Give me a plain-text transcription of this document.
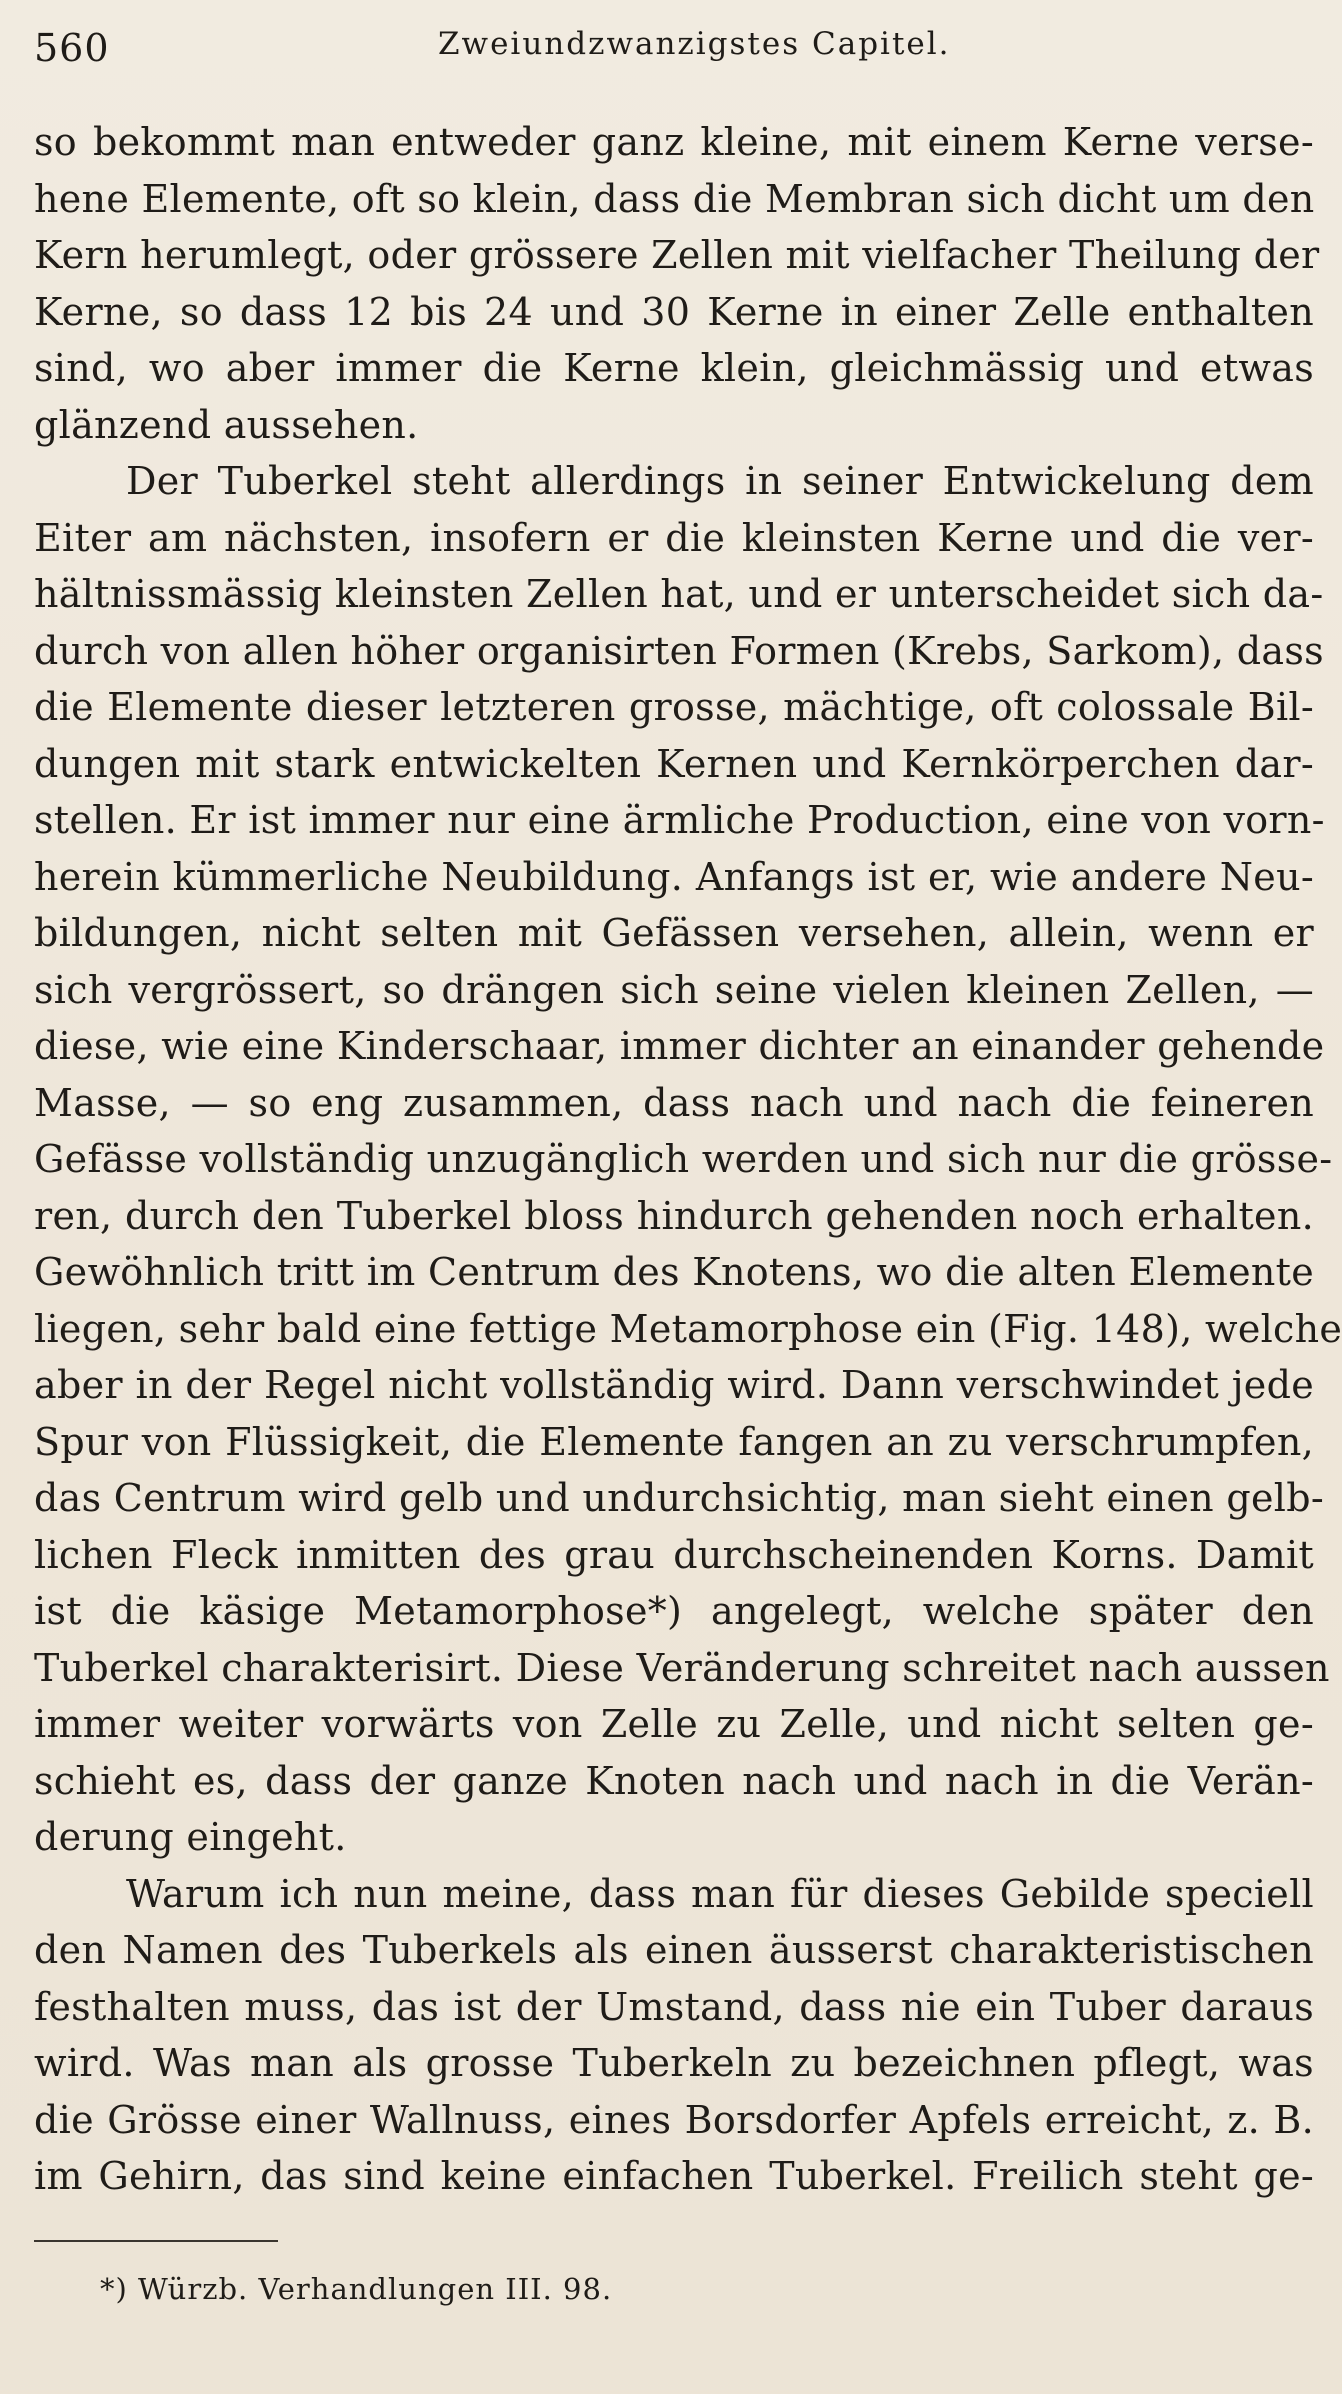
560	Zweiundzwanzigstes Capitel.
so bekommt man entweder ganz kleine, mit einem Kerne verse-
hene Elemente, oft so klein, dass die Membran sich dicht um den
Kern herumlegt, oder grössere Zellen mit vielfacher Theilung der
Kerne, so dass 12 bis 24 und 30 Kerne in einer Zelle enthalten
sind, wo aber immer die Kerne klein, gleichmässig und etwas
glänzend aussehen.
Der Tuberkel steht allerdings in seiner Entwickelung dem
Eiter am nächsten, insofern er die kleinsten Kerne und die ver-
hältnissmässig kleinsten Zellen hat, und er unterscheidet sich da-
durch von allen höher organisirten Formen (Krebs, Sarkom), dass
die Elemente dieser letzteren grosse, mächtige, oft colossale Bil-
dungen mit stark entwickelten Kernen und Kernkörperchen dar-
stellen. Er ist immer nur eine ärmliche Production, eine von vorn-
herein kümmerliche Neubildung. Anfangs ist er, wie andere Neu-
bildungen, nicht selten mit Gefässen versehen, allein, wenn er
sich vergrössert, so drängen sich seine vielen kleinen Zellen, —
diese, wie eine Kinderschaar, immer dichter an einander gehende
Masse, — so eng zusammen, dass nach und nach die feineren
Gefässe vollständig unzugänglich werden und sich nur die grösse-
ren, durch den Tuberkel bloss hindurch gehenden noch erhalten.
Gewöhnlich tritt im Centrum des Knotens, wo die alten Elemente
liegen, sehr bald eine fettige Metamorphose ein (Fig. 148), welche
aber in der Regel nicht vollständig wird. Dann verschwindet jede
Spur von Flüssigkeit, die Elemente fangen an zu verschrumpfen,
das Centrum wird gelb und undurchsichtig, man sieht einen gelb-
lichen Fleck inmitten des grau durchscheinenden Korns. Damit
ist die käsige Metamorphose*) angelegt, welche später den
Tuberkel charakterisirt. Diese Veränderung schreitet nach aussen
immer weiter vorwärts von Zelle zu Zelle, und nicht selten ge-
schieht es, dass der ganze Knoten nach und nach in die Verän-
derung eingeht.
Warum ich nun meine, dass man für dieses Gebilde speciell
den Namen des Tuberkels als einen äusserst charakteristischen
festhalten muss, das ist der Umstand, dass nie ein Tuber daraus
wird. Was man als grosse Tuberkeln zu bezeichnen pflegt, was
die Grösse einer Wallnuss, eines Borsdorfer Apfels erreicht, z. B.
im Gehirn, das sind keine einfachen Tuberkel. Freilich steht ge-
*) Würzb. Verhandlungen III. 98.
